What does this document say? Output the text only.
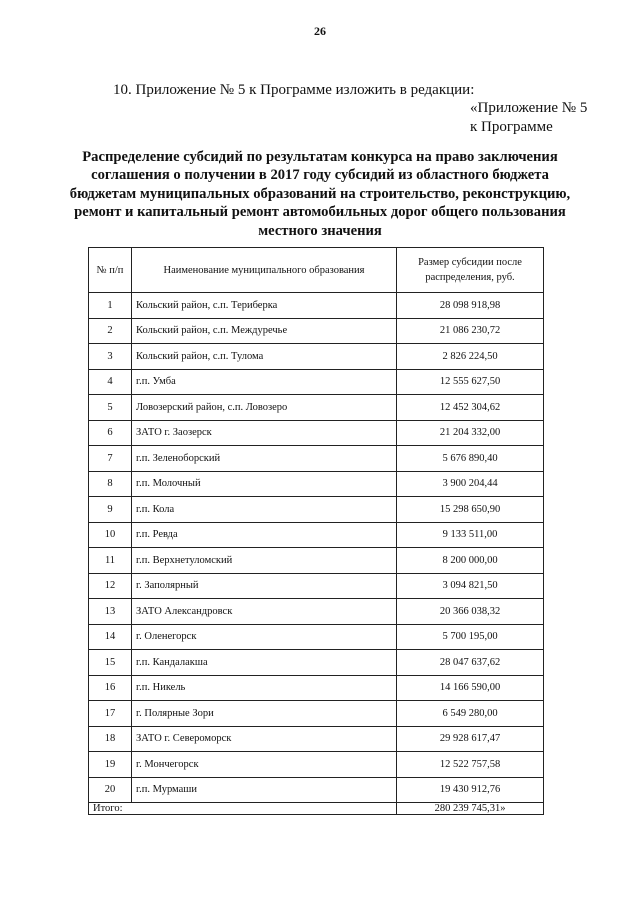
26
10. Приложение № 5 к Программе изложить в редакции:
«Приложение № 5
к Программе
Распределение субсидий по результатам конкурса на право заключения
соглашения о получении в 2017 году субсидий из областного бюджета
бюджетам муниципальных образований на строительство, реконструкцию,
ремонт и капитальный ремонт автомобильных дорог общего пользования
местного значения
№ п/п	Наименование муниципального образования	Размер субсидии после распределения, руб.
1	Кольский район, с.п. Териберка	28 098 918,98
2	Кольский район, с.п. Междуречье	21 086 230,72
3	Кольский район, с.п. Тулома	2 826 224,50
4	г.п. Умба	12 555 627,50
5	Ловозерский район, с.п. Ловозеро	12 452 304,62
6	ЗАТО г. Заозерск	21 204 332,00
7	г.п. Зеленоборский	5 676 890,40
8	г.п. Молочный	3 900 204,44
9	г.п. Кола	15 298 650,90
10	г.п. Ревда	9 133 511,00
11	г.п. Верхнетуломский	8 200 000,00
12	г. Заполярный	3 094 821,50
13	ЗАТО Александровск	20 366 038,32
14	г. Оленегорск	5 700 195,00
15	г.п. Кандалакша	28 047 637,62
16	г.п. Никель	14 166 590,00
17	г. Полярные Зори	6 549 280,00
18	ЗАТО г. Североморск	29 928 617,47
19	г. Мончегорск	12 522 757,58
20	г.п. Мурмаши	19 430 912,76
Итого:		280 239 745,31»
